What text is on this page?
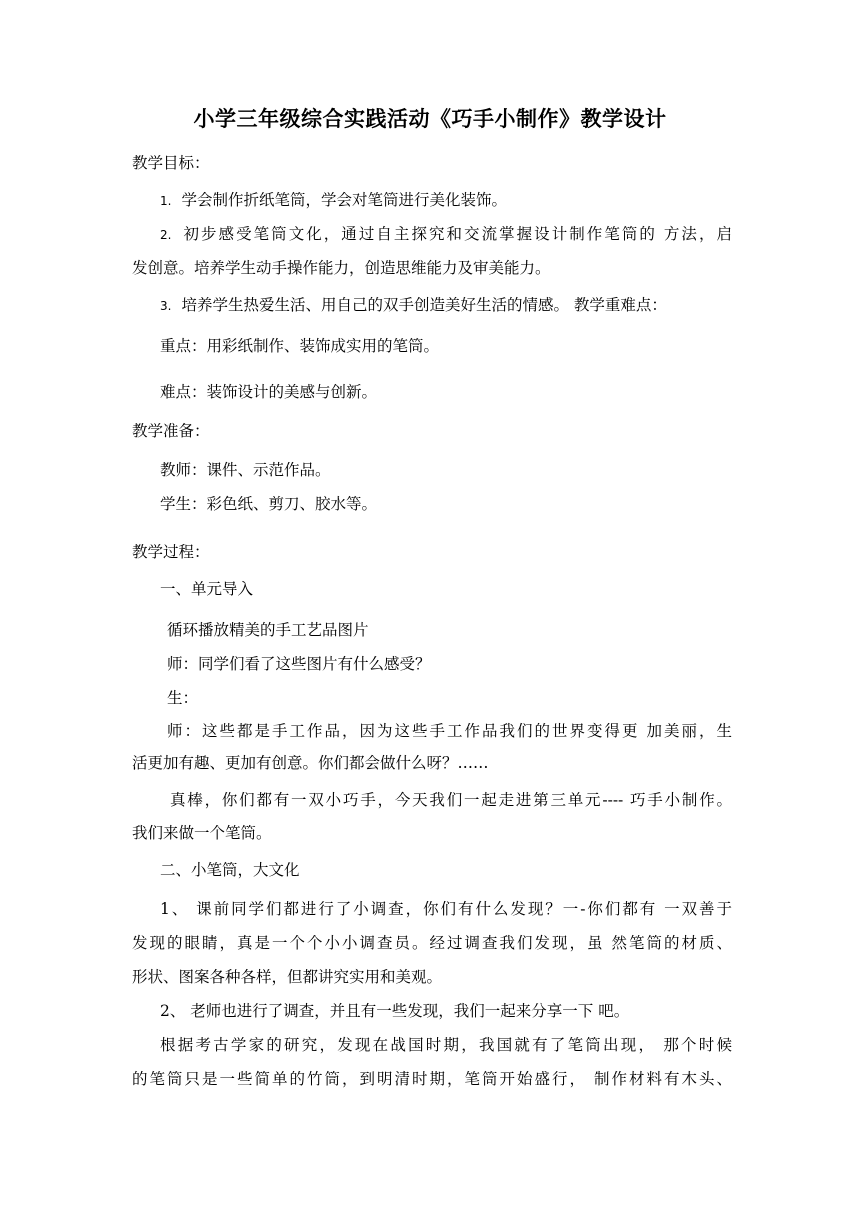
小学三年级综合实践活动《巧手小制作》教学设计
教学目标：
1. 学会制作折纸笔筒，学会对笔筒进行美化装饰。
2. 初步感受笔筒文化，通过自主探究和交流掌握设计制作笔筒的 方法，启
发创意。培养学生动手操作能力，创造思维能力及审美能力。
3. 培养学生热爱生活、用自己的双手创造美好生活的情感。 教学重难点：
重点：用彩纸制作、装饰成实用的笔筒。
难点：装饰设计的美感与创新。
教学准备：
教师：课件、示范作品。
学生：彩色纸、剪刀、胶水等。
教学过程：
一、单元导入
循环播放精美的手工艺品图片
师：同学们看了这些图片有什么感受？
生：
师：这些都是手工作品，因为这些手工作品我们的世界变得更 加美丽，生
活更加有趣、更加有创意。你们都会做什么呀？……
真棒，你们都有一双小巧手，今天我们一起走进第三单元---- 巧手小制作。
我们来做一个笔筒。
二、小笔筒，大文化
1、 课前同学们都进行了小调查，你们有什么发现？一-你们都有 一双善于
发现的眼睛，真是一个个小小调查员。经过调查我们发现，虽 然笔筒的材质、
形状、图案各种各样，但都讲究实用和美观。
2、 老师也进行了调查，并且有一些发现，我们一起来分享一下 吧。
根据考古学家的研究，发现在战国时期，我国就有了笔筒出现， 那个时候
的笔筒只是一些简单的竹筒，到明清时期，笔筒开始盛行， 制作材料有木头、
